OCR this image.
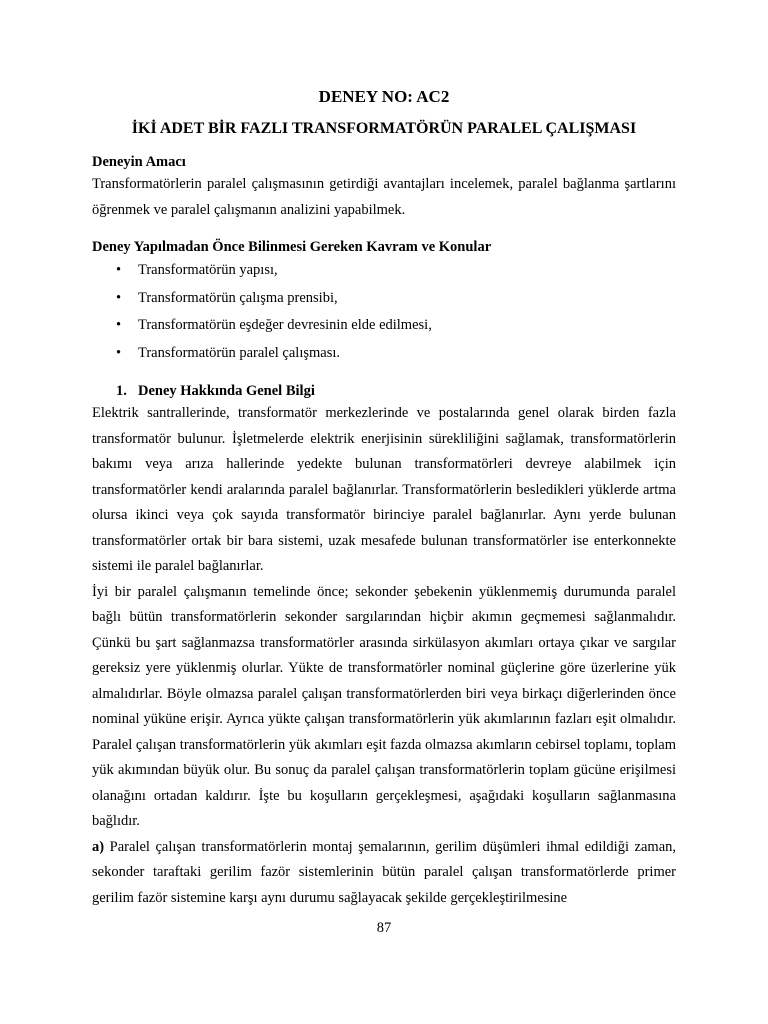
DENEY NO: AC2
İKİ ADET BİR FAZLI TRANSFORMATÖRÜN PARALEL ÇALIŞMASI

Deneyin Amacı

Transformatörlerin paralel çalışmasının getirdiği avantajları incelemek, paralel bağlanma şartlarını öğrenmek ve paralel çalışmanın analizini yapabilmek.

Deney Yapılmadan Önce Bilinmesi Gereken Kavram ve Konular

• Transformatörün yapısı,
• Transformatörün çalışma prensibi,
• Transformatörün eşdeğer devresinin elde edilmesi,
• Transformatörün paralel çalışması.

1. Deney Hakkında Genel Bilgi

Elektrik santrallerinde, transformatör merkezlerinde ve postalarında genel olarak birden fazla transformatör bulunur. İşletmelerde elektrik enerjisinin sürekliliğini sağlamak, transformatörlerin bakımı veya arıza hallerinde yedekte bulunan transformatörleri devreye alabilmek için transformatörler kendi aralarında paralel bağlanırlar. Transformatörlerin besledikleri yüklerde artma olursa ikinci veya çok sayıda transformatör birinciye paralel bağlanırlar. Aynı yerde bulunan transformatörler ortak bir bara sistemi, uzak mesafede bulunan transformatörler ise enterkonnekte sistemi ile paralel bağlanırlar.

İyi bir paralel çalışmanın temelinde önce; sekonder şebekenin yüklenmemiş durumunda paralel bağlı bütün transformatörlerin sekonder sargılarından hiçbir akımın geçmemesi sağlanmalıdır. Çünkü bu şart sağlanmazsa transformatörler arasında sirkülasyon akımları ortaya çıkar ve sargılar gereksiz yere yüklenmiş olurlar. Yükte de transformatörler nominal güçlerine göre üzerlerine yük almalıdırlar. Böyle olmazsa paralel çalışan transformatörlerden biri veya birkaçı diğerlerinden önce nominal yüküne erişir. Ayrıca yükte çalışan transformatörlerin yük akımlarının fazları eşit olmalıdır. Paralel çalışan transformatörlerin yük akımları eşit fazda olmazsa akımların cebirsel toplamı, toplam yük akımından büyük olur. Bu sonuç da paralel çalışan transformatörlerin toplam gücüne erişilmesi olanağını ortadan kaldırır. İşte bu koşulların gerçekleşmesi, aşağıdaki koşulların sağlanmasına bağlıdır.

a) Paralel çalışan transformatörlerin montaj şemalarının, gerilim düşümleri ihmal edildiği zaman, sekonder taraftaki gerilim fazör sistemlerinin bütün paralel çalışan transformatörlerde primer gerilim fazör sistemine karşı aynı durumu sağlayacak şekilde gerçekleştirilmesine

87
